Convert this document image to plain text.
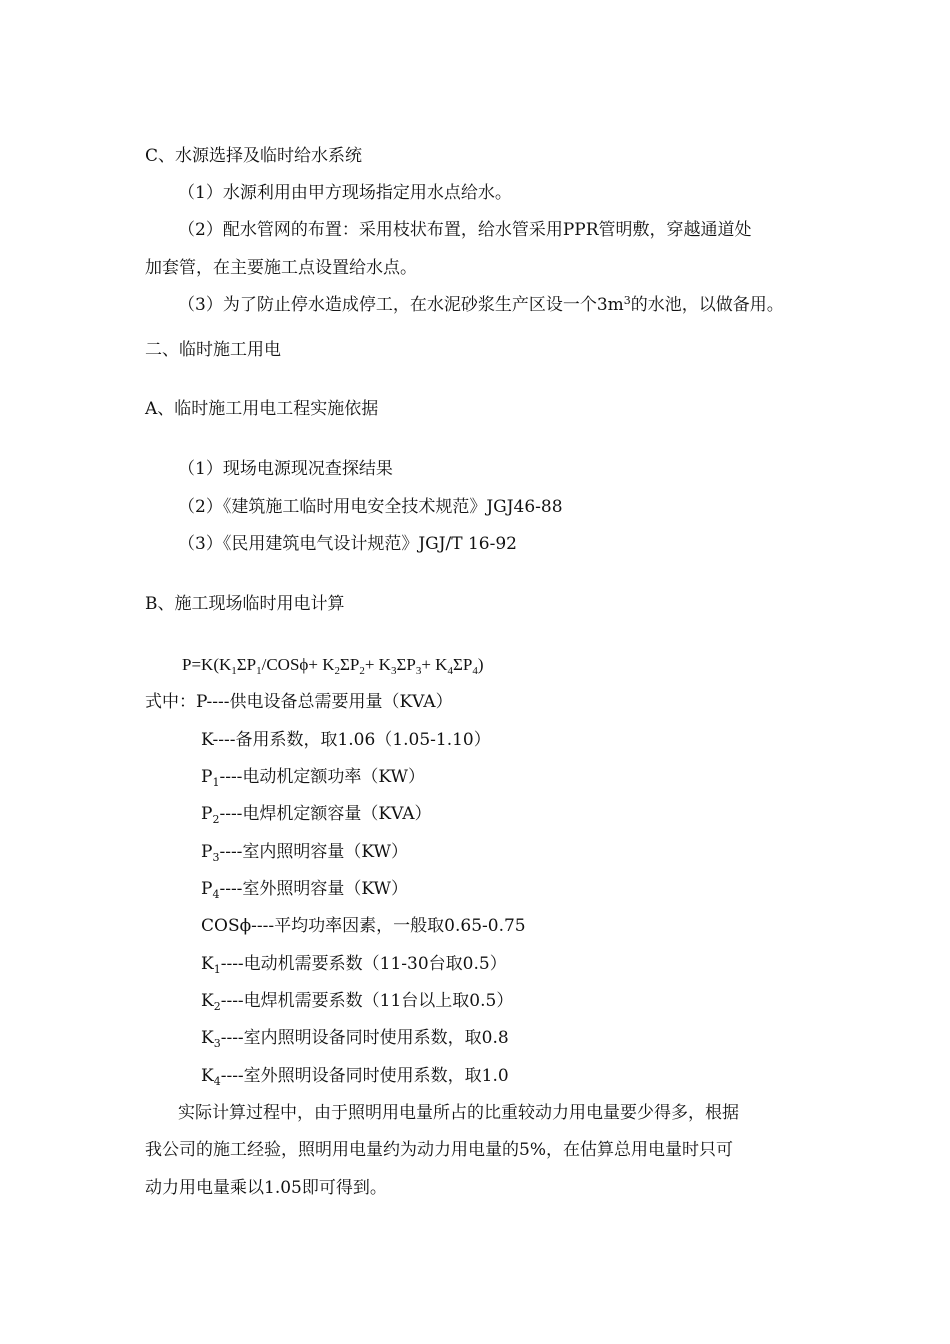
C、水源选择及临时给水系统
（1）水源利用由甲方现场指定用水点给水。
（2）配水管网的布置：采用枝状布置，给水管采用PPR管明敷，穿越通道处
加套管，在主要施工点设置给水点。
（3）为了防止停水造成停工，在水泥砂浆生产区设一个$3m^3$的水池，以做备用。
二、临时施工用电
A、临时施工用电工程实施依据
（1）现场电源现况查探结果
（2）《建筑施工临时用电安全技术规范》JGJ46-88
（3）《民用建筑电气设计规范》JGJ/T 16-92
B、施工现场临时用电计算
$P=K(K_1\Sigma P_1/COS\phi+ K_2\Sigma P_2+ K_3\Sigma P_3+ K_4\Sigma P_4)$
式中：P----供电设备总需要用量（KVA）
K----备用系数，取1.06（1.05-1.10）
$P_1----$电动机定额功率（KW）
$P_2----$电焊机定额容量（KVA）
$P_3----$室内照明容量（KW）
$P_4----$室外照明容量（KW）
COSϕ----平均功率因素，一般取0.65-0.75
$K_1----$电动机需要系数（11-30台取0.5）
$K_2----$电焊机需要系数（11台以上取0.5）
$K_3----$室内照明设备同时使用系数，取0.8
$K_4----$室外照明设备同时使用系数，取1.0
实际计算过程中，由于照明用电量所占的比重较动力用电量要少得多，根据
我公司的施工经验，照明用电量约为动力用电量的5%，在估算总用电量时只可
动力用电量乘以1.05即可得到。
